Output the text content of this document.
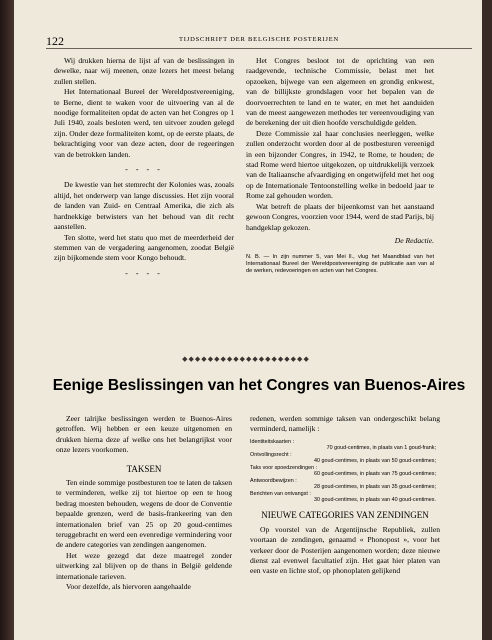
122	TIJDSCHRIFT DER BELGISCHE POSTERIJEN

Wij drukken hierna de lijst af van de beslissingen in dewelke, naar wij meenen, onze lezers het meest belang zullen stellen.

Het Internationaal Bureel der Wereldpostvereeniging, te Berne, dient te waken voor de uitvoering van al de noodige formaliteiten opdat de acten van het Congres op 1 Juli 1940, zoals besloten werd, ten uitvoer zouden gelegd zijn. Onder deze formaliteiten komt, op de eerste plaats, de bekrachtiging voor van deze acten, door de regeeringen van de betrokken landen.

- - - -

De kwestie van het stemrecht der Kolonies was, zooals altijd, het onderwerp van lange discussies. Het zijn vooral de landen van Zuid- en Centraal Amerika, die zich als hardnekkige betwisters van het behoud van dit recht aanstellen.

Ten slotte, werd het statu quo met de meerderheid der stemmen van de vergadering aangenomen, zoodat België zijn bijkomende stem voor Kongo behoudt.

- - - -

Het Congres besloot tot de oprichting van een raadgevende, technische Commissie, belast met het opzoeken, bijwege van een algemeen en grondig enkwest, van de billijkste grondslagen voor het bepalen van de doorvoerrechten te land en te water, en met het aanduiden van de meest aangewezen methodes ter vereenvoudiging van de berekening der uit dien hoofde verschuldigde gelden.

Deze Commissie zal haar conclusies neerleggen, welke zullen onderzocht worden door al de postbesturen vereenigd in een bijzonder Congres, in 1942, te Rome, te houden; de stad Rome werd hiertoe uitgekozen, op uitdrukkelijk verzoek van de Italiaansche afvaardiging en ongetwijfeld met het oog op de Internationale Tentoonstelling welke in bedoeld jaar te Rome zal gehouden worden.

Wat betreft de plaats der bijeenkomst van het aanstaand gewoon Congres, voorzien voor 1944, werd de stad Parijs, bij handgeklap gekozen.

De Redactie.
N. B. — In zijn nummer 5, van Mei ll., vlug het Maandblad van het Internationaal Bureel der Wereldpostvereeniging de publicatie aan van al de werken, redevoeringen en acten van het Congres.
◆◆◆◆◆◆◆◆◆◆◆◆◆◆◆◆◆◆◆◆
Eenige Beslissingen van het Congres van Buenos-Aires

Zeer talrijke beslissingen werden te Buenos-Aires getroffen. Wij hebben er een keuze uitgenomen en drukken hierna deze af welke ons het belangrijkst voor onze lezers voorkomen.

TAKSEN

Ten einde sommige postbesturen toe te laten de taksen te verminderen, welke zij tot hiertoe op een te hoog bedrag moesten behouden, wegens de door de Conventie bepaalde grenzen, werd de basis-frankeering van den internationalen brief van 25 op 20 goud-centimes teruggebracht en werd een evenredige vermindering voor de andere categories van zendingen aangenomen.

Het weze gezegd dat deze maatregel zonder uitwerking zal blijven op de thans in België geldende internationale tarieven.

Voor dezelfde, als hiervoren aangehaalde

redenen, werden sommige taksen van ondergeschikt belang verminderd, namelijk :

Identiteitskaarten :
70 goud-centimes, in plaats van 1 goud-frank;
Ontvollingsrecht :
40 goud-centimes, in plaats van 50 goud-centimes;
Taks voor spoedzendingen :
60 goud-centimes, in plaats van 75 goud-centimes;
Antwoordbewijzen :
28 goud-centimes, in plaats van 35 goud-centimes;
Berichten van ontvangst :
30 goud-centimes, in plaats van 40 goud-centimes.
NIEUWE CATEGORIES VAN ZENDINGEN

Op voorstel van de Argentijnsche Republiek, zullen voortaan de zendingen, genaamd « Phonopost », voor het verkeer door de Posterijen aangenomen worden; deze nieuwe dienst zal evenwel facultatief zijn. Het gaat hier platen van een vaste en lichte stof, op phonoplaten gelijkend
